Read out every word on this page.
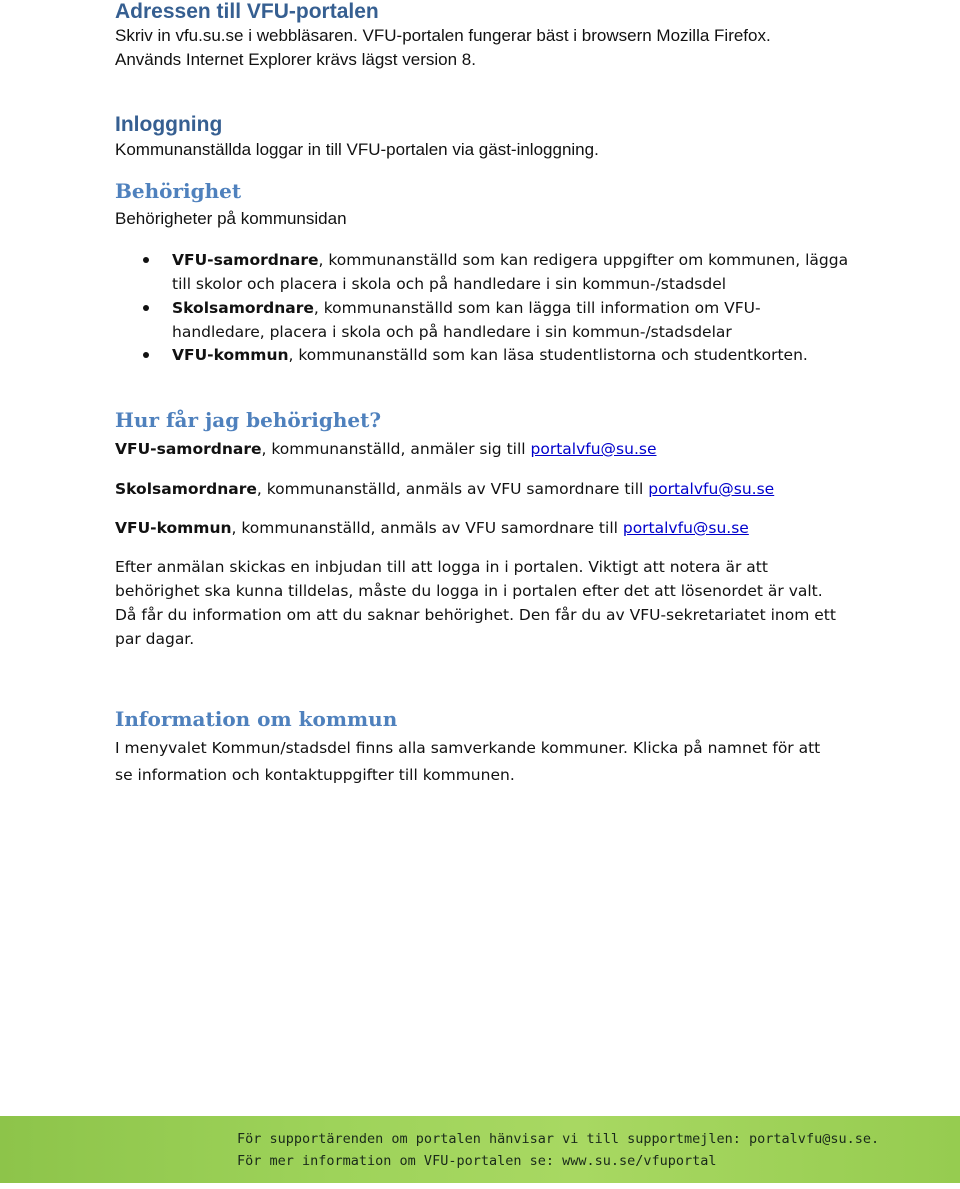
Adressen till VFU-portalen

Skriv in vfu.su.se i webbläsaren. VFU-portalen fungerar bäst i browsern Mozilla Firefox.

Används Internet Explorer krävs lägst version 8.

Inloggning

Kommunanställda loggar in till VFU-portalen via gäst-inloggning.

Behörighet

Behörigheter på kommunsidan

VFU-samordnare, kommunanställd som kan redigera uppgifter om kommunen, lägga

till skolor och placera i skola och på handledare i sin kommun-/stadsdel

Skolsamordnare, kommunanställd som kan lägga till information om VFU-

handledare, placera i skola och på handledare i sin kommun-/stadsdelar

VFU-kommun, kommunanställd som kan läsa studentlistorna och studentkorten.

Hur får jag behörighet?

VFU-samordnare, kommunanställd, anmäler sig till portalvfu@su.se

Skolsamordnare, kommunanställd, anmäls av VFU samordnare till portalvfu@su.se

VFU-kommun, kommunanställd, anmäls av VFU samordnare till portalvfu@su.se

Efter anmälan skickas en inbjudan till att logga in i portalen. Viktigt att notera är att

behörighet ska kunna tilldelas, måste du logga in i portalen efter det att lösenordet är valt.

Då får du information om att du saknar behörighet. Den får du av VFU-sekretariatet inom ett

par dagar.

Information om kommun

I menyvalet Kommun/stadsdel finns alla samverkande kommuner. Klicka på namnet för att

se information och kontaktuppgifter till kommunen.

För supportärenden om portalen hänvisar vi till supportmejlen: portalvfu@su.se.
För mer information om VFU-portalen se: www.su.se/vfuportal
